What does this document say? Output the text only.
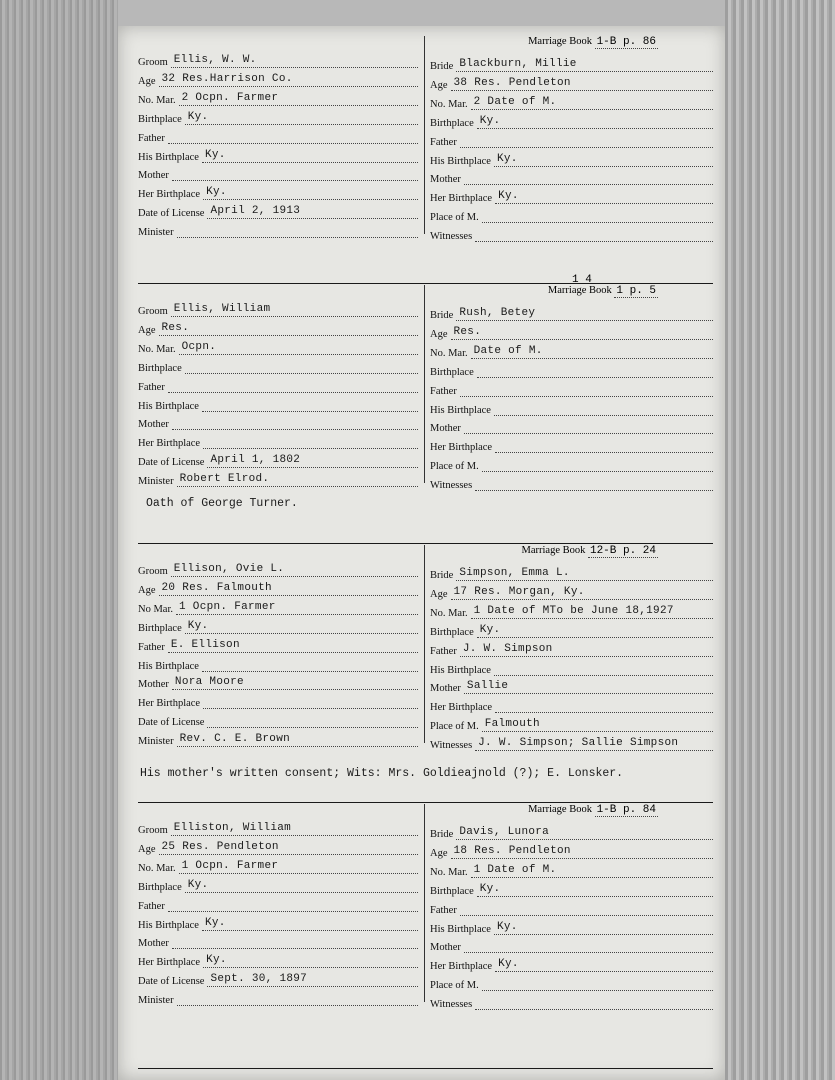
Groom Ellis, W. W.
Age 32 Res.Harrison Co.
No. Mar. 2 Ocpn. Farmer
Birthplace Ky.
Father
His Birthplace Ky.
Mother
Her Birthplace Ky.
Date of License April 2, 1913
Minister
Marriage Book 1-B p. 86
Bride Blackburn, Millie
Age 38 Res. Pendleton
No. Mar. 2 Date of M.
Birthplace Ky.
Father
His Birthplace Ky.
Mother
Her Birthplace Ky.
Place of M.
Witnesses
Groom Ellis, William
Age Res.
No. Mar. Ocpn.
Birthplace
Father
His Birthplace
Mother
Her Birthplace
Date of License April 1, 1802
Minister Robert Elrod.
Marriage Book 1 p. 5
1 4
Bride Rush, Betey
Age Res.
No. Mar. Date of M.
Birthplace
Father
His Birthplace
Mother
Her Birthplace
Place of M.
Witnesses
Oath of George Turner.
Groom Ellison, Ovie L.
Age 20 Res. Falmouth
No Mar. 1 Ocpn. Farmer
Birthplace Ky.
Father E. Ellison
His Birthplace
Mother Nora Moore
Her Birthplace
Date of License
Minister Rev. C. E. Brown
Marriage Book 12-B p. 24
Bride Simpson, Emma L.
Age 17 Res. Morgan, Ky.
No. Mar. 1 Date of MTo be June 18,1927
Birthplace Ky.
Father J. W. Simpson
His Birthplace
Mother Sallie
Her Birthplace
Place of M. Falmouth
Witnesses J. W. Simpson; Sallie Simpson
His mother's written consent; Wits: Mrs. Goldieajnold (?); E. Lonsker.
Groom Elliston, William
Age 25 Res. Pendleton
No. Mar. 1 Ocpn. Farmer
Birthplace Ky.
Father
His Birthplace Ky.
Mother
Her Birthplace Ky.
Date of License Sept. 30, 1897
Minister
Marriage Book 1-B p. 84
Bride Davis, Lunora
Age 18 Res. Pendleton
No. Mar. 1 Date of M.
Birthplace Ky.
Father
His Birthplace Ky.
Mother
Her Birthplace Ky.
Place of M.
Witnesses
